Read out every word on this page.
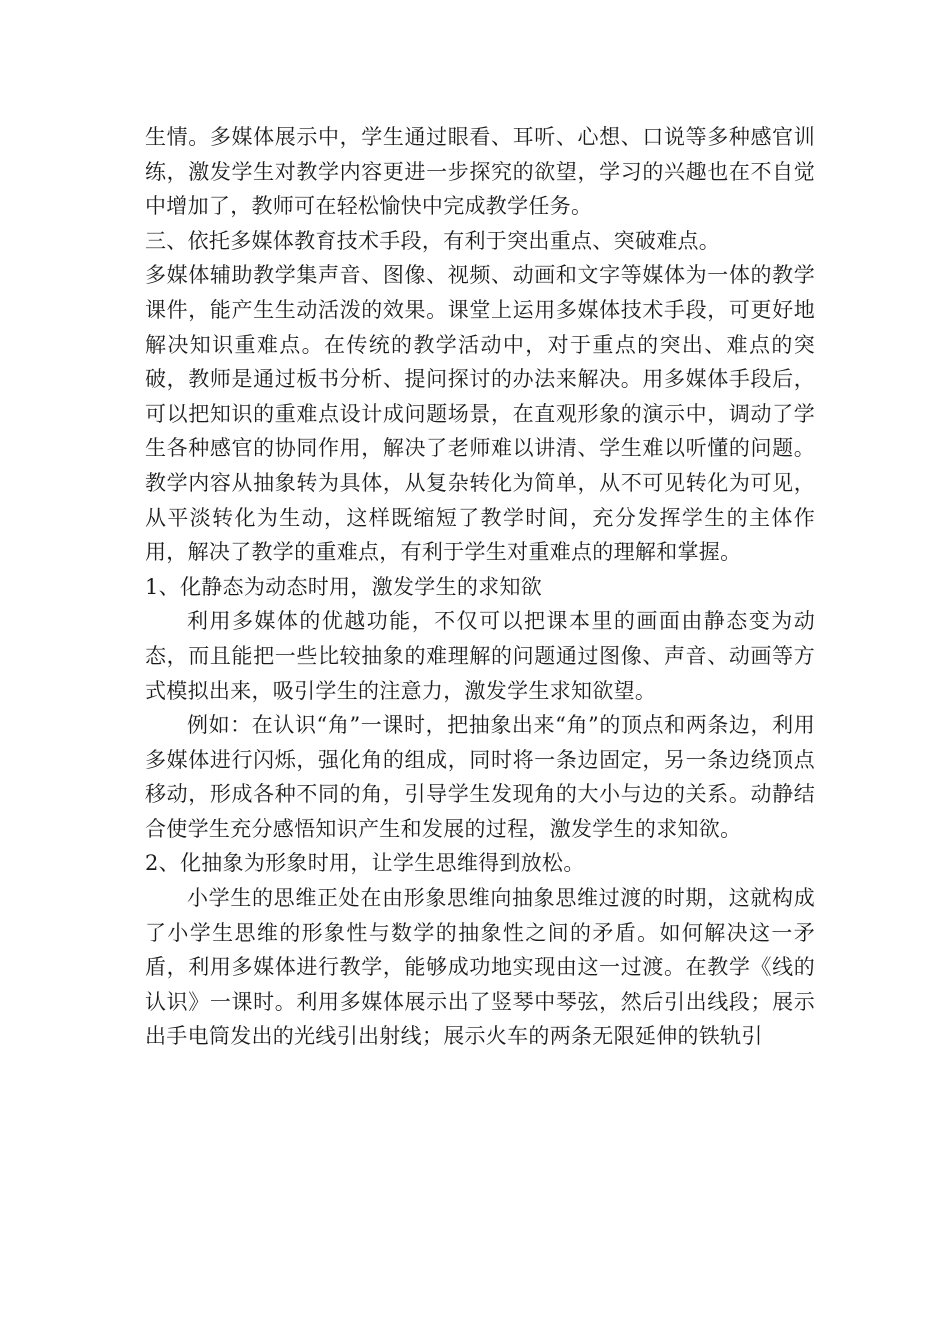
生情。多媒体展示中，学生通过眼看、耳听、心想、口说等多种感官训练，激发学生对教学内容更进一步探究的欲望，学习的兴趣也在不自觉中增加了，教师可在轻松愉快中完成教学任务。

三、依托多媒体教育技术手段，有利于突出重点、突破难点。

多媒体辅助教学集声音、图像、视频、动画和文字等媒体为一体的教学课件，能产生生动活泼的效果。课堂上运用多媒体技术手段，可更好地解决知识重难点。在传统的教学活动中，对于重点的突出、难点的突破，教师是通过板书分析、提问探讨的办法来解决。用多媒体手段后，可以把知识的重难点设计成问题场景，在直观形象的演示中，调动了学生各种感官的协同作用，解决了老师难以讲清、学生难以听懂的问题。教学内容从抽象转为具体，从复杂转化为简单，从不可见转化为可见，从平淡转化为生动，这样既缩短了教学时间，充分发挥学生的主体作用，解决了教学的重难点，有利于学生对重难点的理解和掌握。

1、化静态为动态时用，激发学生的求知欲

利用多媒体的优越功能，不仅可以把课本里的画面由静态变为动态，而且能把一些比较抽象的难理解的问题通过图像、声音、动画等方式模拟出来，吸引学生的注意力，激发学生求知欲望。

例如：在认识“角”一课时，把抽象出来“角”的顶点和两条边，利用多媒体进行闪烁，强化角的组成，同时将一条边固定，另一条边绕顶点移动，形成各种不同的角，引导学生发现角的大小与边的关系。动静结合使学生充分感悟知识产生和发展的过程，激发学生的求知欲。

2、化抽象为形象时用，让学生思维得到放松。

小学生的思维正处在由形象思维向抽象思维过渡的时期，这就构成了小学生思维的形象性与数学的抽象性之间的矛盾。如何解决这一矛盾，利用多媒体进行教学，能够成功地实现由这一过渡。在教学《线的认识》一课时。利用多媒体展示出了竖琴中琴弦，然后引出线段；展示出手电筒发出的光线引出射线；展示火车的两条无限延伸的铁轨引
